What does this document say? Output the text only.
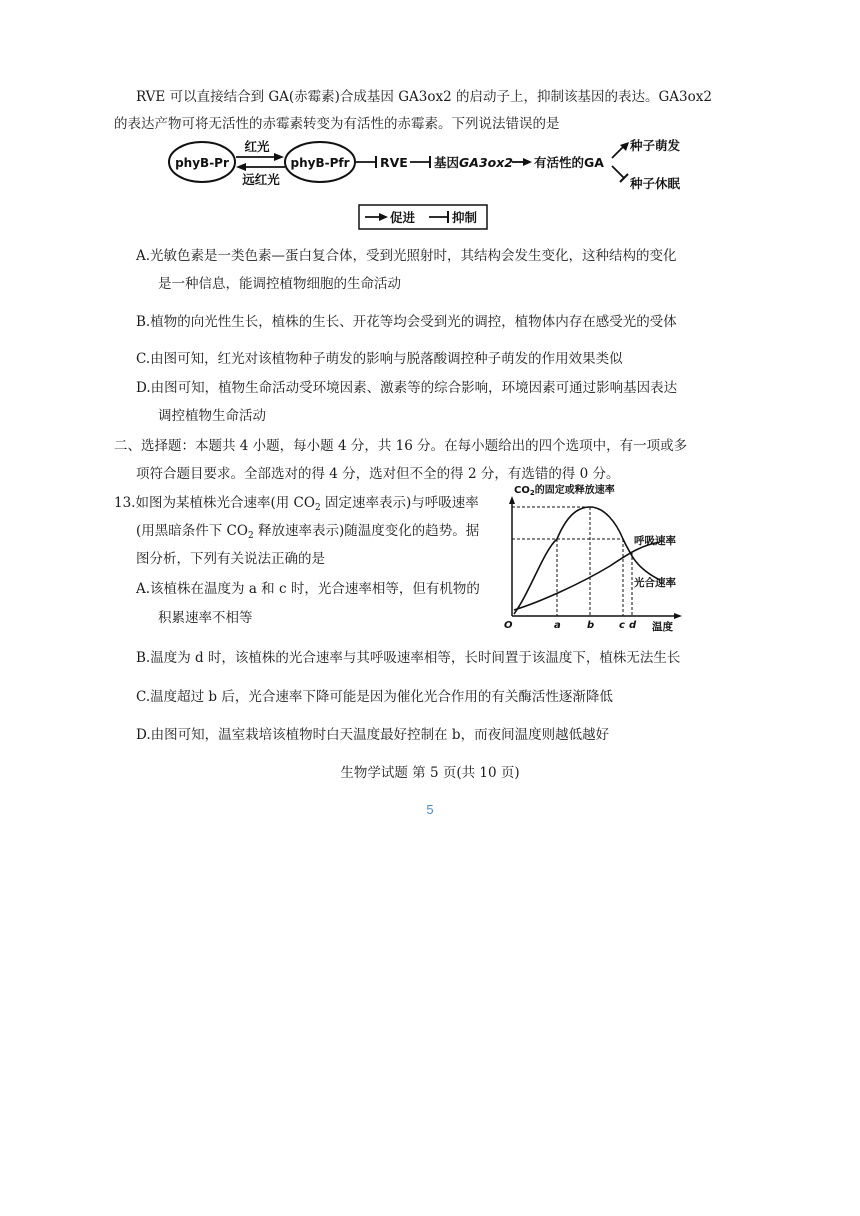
RVE 可以直接结合到 GA(赤霉素)合成基因 GA3ox2 的启动子上，抑制该基因的表达。GA3ox2
的表达产物可将无活性的赤霉素转变为有活性的赤霉素。下列说法错误的是
phyB-Pr	phyB-Pfr
红光
远红光
RVE 基因GA3ox2 有活性的GA
种子萌发
种子休眠
促进	抑制
A.光敏色素是一类色素—蛋白复合体，受到光照射时，其结构会发生变化，这种结构的变化
是一种信息，能调控植物细胞的生命活动
B.植物的向光性生长，植株的生长、开花等均会受到光的调控，植物体内存在感受光的受体
C.由图可知，红光对该植物种子萌发的影响与脱落酸调控种子萌发的作用效果类似
D.由图可知，植物生命活动受环境因素、激素等的综合影响，环境因素可通过影响基因表达
调控植物生命活动
二、选择题：本题共 4 小题，每小题 4 分，共 16 分。在每小题给出的四个选项中，有一项或多
项符合题目要求。全部选对的得 4 分，选对但不全的得 2 分，有选错的得 0 分。
13.如图为某植株光合速率(用 $CO_2$ 固定速率表示)与呼吸速率
(用黑暗条件下 $CO_2$ 释放速率表示)随温度变化的趋势。据
图分析，下列有关说法正确的是
A.该植株在温度为 a 和 c 时，光合速率相等，但有机物的
积累速率不相等
$CO_2$的固定或释放速率
温度
O
呼吸速率
光合速率
a	b c d
B.温度为 d 时，该植株的光合速率与其呼吸速率相等，长时间置于该温度下，植株无法生长
C.温度超过 b 后，光合速率下降可能是因为催化光合作用的有关酶活性逐渐降低
D.由图可知，温室栽培该植物时白天温度最好控制在 b，而夜间温度则越低越好
生物学试题 第 5 页(共 10 页)
5
